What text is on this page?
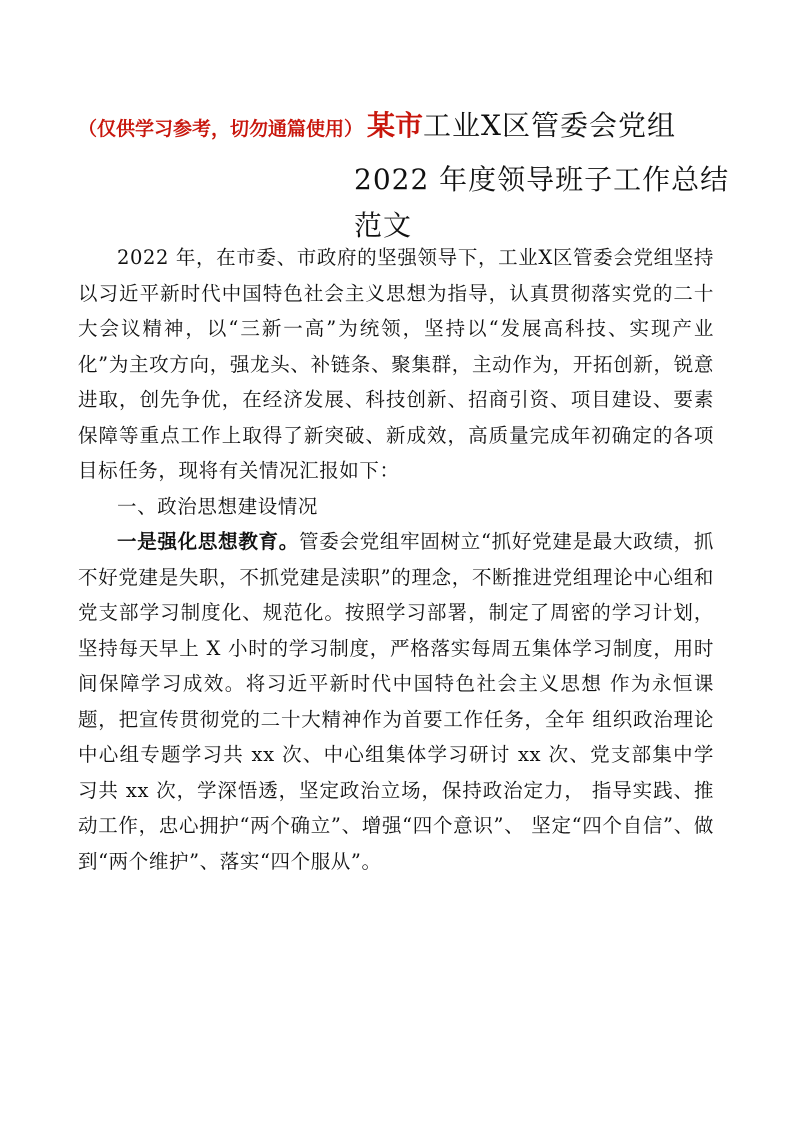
（仅供学习参考，切勿通篇使用） 某市 工业X区管委会党组
2022 年度领导班子工作总结
范文

2022 年，在市委、市政府的坚强领导下，工业X区管委会党组坚持以习近平新时代中国特色社会主义思想为指导，认真贯彻落实党的二十大会议精神，以“三新一高”为统领，坚持以“发展高科技、实现产业化”为主攻方向，强龙头、补链条、聚集群，主动作为，开拓创新，锐意进取，创先争优，在经济发展、科技创新、招商引资、项目建设、要素保障等重点工作上取得了新突破、新成效，高质量完成年初确定的各项目标任务，现将有关情况汇报如下：

一、政治思想建设情况

一是强化思想教育。管委会党组牢固树立“抓好党建是最大政绩，抓不好党建是失职，不抓党建是渎职”的理念，不断推进党组理论中心组和党支部学习制度化、规范化。按照学习部署，制定了周密的学习计划，坚持每天早上 X 小时的学习制度，严格落实每周五集体学习制度，用时间保障学习成效。将习近平新时代中国特色社会主义思想 作为永恒课题，把宣传贯彻党的二十大精神作为首要工作任务，全年 组织政治理论中心组专题学习共 xx 次、中心组集体学习研讨 xx 次、党支部集中学习共 xx 次，学深悟透，坚定政治立场，保持政治定力， 指导实践、推动工作，忠心拥护“两个确立”、增强“四个意识”、 坚定“四个自信”、做到“两个维护”、落实“四个服从”。
